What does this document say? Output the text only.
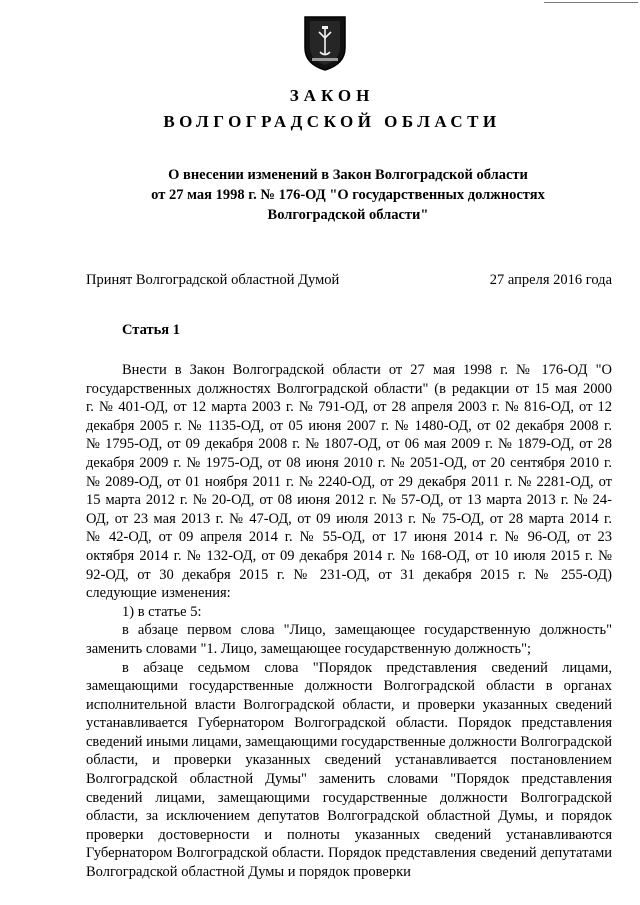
ЗАКОН
ВОЛГОГРАДСКОЙ ОБЛАСТИ
О внесении изменений в Закон Волгоградской области
от 27 мая 1998 г. № 176-ОД "О государственных должностях
Волгоградской области"
Принят Волгоградской областной Думой	27 апреля 2016 года
Статья 1

Внести в Закон Волгоградской области от 27 мая 1998 г. № 176-ОД "О государственных должностях Волгоградской области" (в редакции от 15 мая 2000 г. № 401-ОД, от 12 марта 2003 г. № 791-ОД, от 28 апреля 2003 г. № 816-ОД, от 12 декабря 2005 г. № 1135-ОД, от 05 июня 2007 г. № 1480-ОД, от 02 декабря 2008 г. № 1795-ОД, от 09 декабря 2008 г. № 1807-ОД, от 06 мая 2009 г. № 1879-ОД, от 28 декабря 2009 г. № 1975-ОД, от 08 июня 2010 г. № 2051-ОД, от 20 сентября 2010 г. № 2089-ОД, от 01 ноября 2011 г. № 2240-ОД, от 29 декабря 2011 г. № 2281-ОД, от 15 марта 2012 г. № 20-ОД, от 08 июня 2012 г. № 57-ОД, от 13 марта 2013 г. № 24-ОД, от 23 мая 2013 г. № 47-ОД, от 09 июля 2013 г. № 75-ОД, от 28 марта 2014 г. № 42-ОД, от 09 апреля 2014 г. № 55-ОД, от 17 июня 2014 г. № 96-ОД, от 23 октября 2014 г. № 132-ОД, от 09 декабря 2014 г. № 168-ОД, от 10 июля 2015 г. № 92-ОД, от 30 декабря 2015 г. № 231-ОД, от 31 декабря 2015 г. № 255-ОД) следующие изменения:

1) в статье 5:

в абзаце первом слова "Лицо, замещающее государственную должность" заменить словами "1. Лицо, замещающее государственную должность";

в абзаце седьмом слова "Порядок представления сведений лицами, замещающими государственные должности Волгоградской области в органах исполнительной власти Волгоградской области, и проверки указанных сведений устанавливается Губернатором Волгоградской области. Порядок представления сведений иными лицами, замещающими государственные должности Волгоградской области, и проверки указанных сведений устанавливается постановлением Волгоградской областной Думы" заменить словами "Порядок представления сведений лицами, замещающими государственные должности Волгоградской области, за исключением депутатов Волгоградской областной Думы, и порядок проверки достоверности и полноты указанных сведений устанавливаются Губернатором Волгоградской области. Порядок представления сведений депутатами Волгоградской областной Думы и порядок проверки
